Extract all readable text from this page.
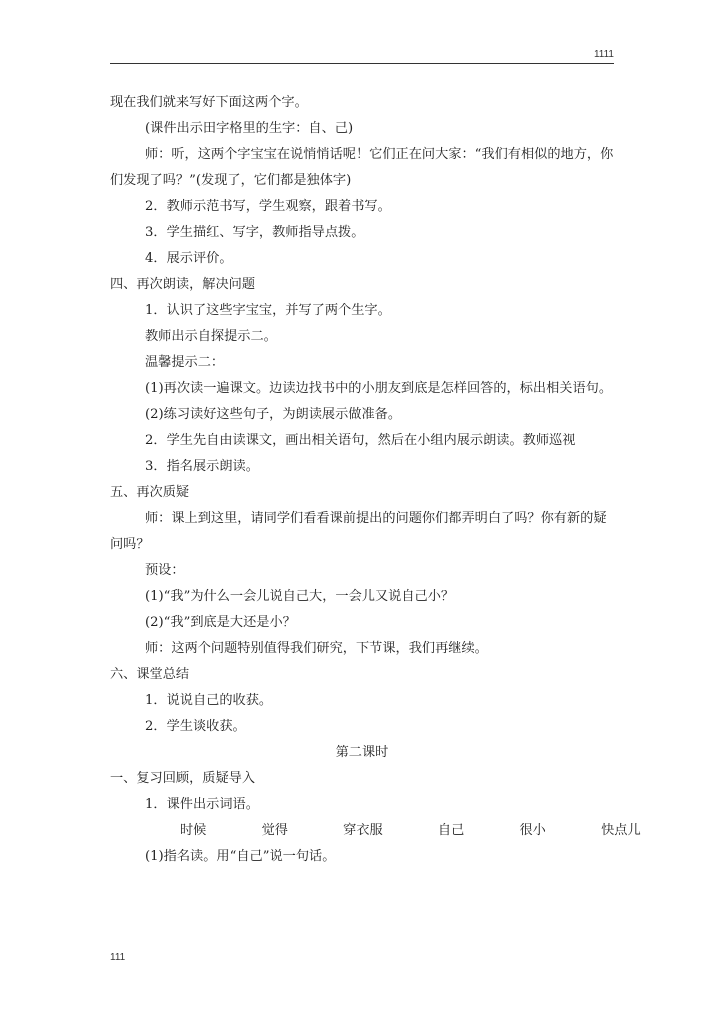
1111

现在我们就来写好下面这两个字。

(课件出示田字格里的生字：自、己)

师：听，这两个字宝宝在说悄悄话呢！它们正在问大家：“我们有相似的地方，你们发现了吗？”(发现了，它们都是独体字)

2．教师示范书写，学生观察，跟着书写。

3．学生描红、写字，教师指导点拨。

4．展示评价。

四、再次朗读，解决问题

1．认识了这些字宝宝，并写了两个生字。

教师出示自探提示二。

温馨提示二：

(1)再次读一遍课文。边读边找书中的小朋友到底是怎样回答的，标出相关语句。

(2)练习读好这些句子，为朗读展示做准备。

2．学生先自由读课文，画出相关语句，然后在小组内展示朗读。教师巡视

3．指名展示朗读。

五、再次质疑

师：课上到这里，请同学们看看课前提出的问题你们都弄明白了吗？你有新的疑问吗？

预设：

(1)“我”为什么一会儿说自己大，一会儿又说自己小？

(2)“我”到底是大还是小？

师：这两个问题特别值得我们研究，下节课，我们再继续。

六、课堂总结

1．说说自己的收获。

2．学生谈收获。

第二课时

一、复习回顾，质疑导入

1．课件出示词语。

时候	觉得	穿衣服	自己	很小	快点儿

(1)指名读。用“自己”说一句话。

111
